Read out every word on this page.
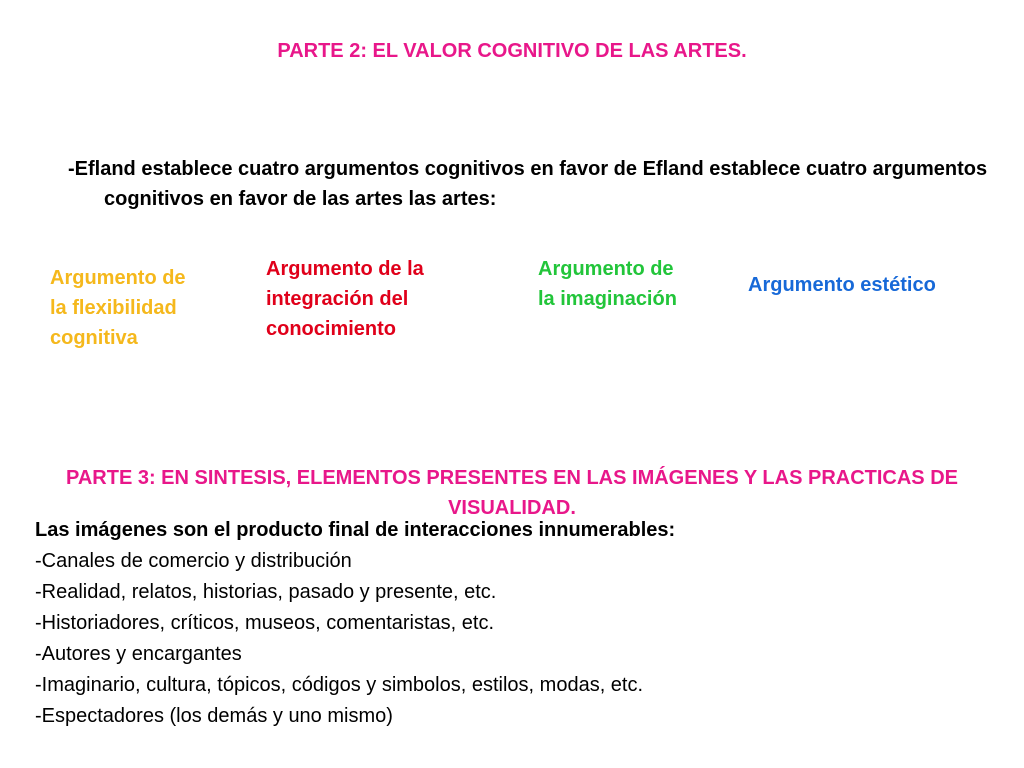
PARTE 2: EL VALOR COGNITIVO DE LAS ARTES.
-Efland establece cuatro argumentos cognitivos en favor de Efland establece cuatro argumentos cognitivos en favor de las artes las artes:
Argumento de la flexibilidad cognitiva
Argumento de la integración del conocimiento
Argumento de la imaginación
Argumento estético
PARTE 3: EN SINTESIS, ELEMENTOS PRESENTES EN LAS IMÁGENES Y LAS PRACTICAS DE VISUALIDAD.
Las imágenes son el producto final de interacciones innumerables:
-Canales de comercio y distribución
-Realidad, relatos, historias, pasado y presente, etc.
-Historiadores, críticos, museos, comentaristas, etc.
-Autores y encargantes
-Imaginario, cultura, tópicos, códigos y simbolos, estilos, modas, etc.
-Espectadores (los demás y uno mismo)
